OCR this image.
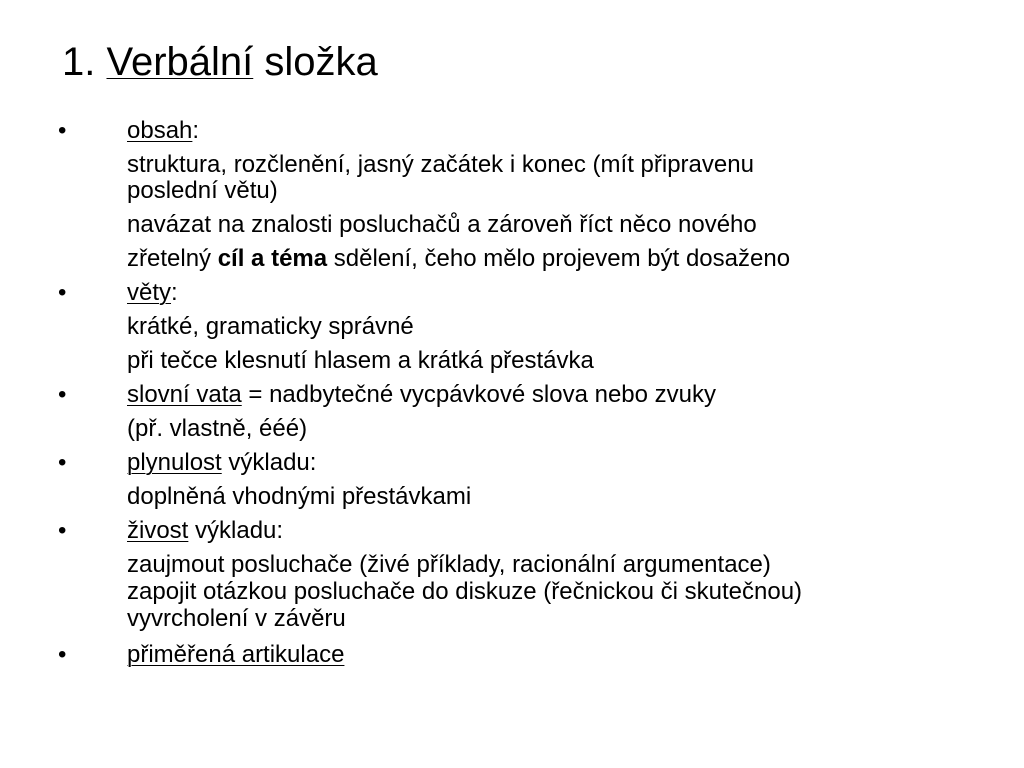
1. Verbální složka
•	obsah:
struktura, rozčlenění, jasný začátek i konec (mít připravenu
poslední větu)
navázat na znalosti posluchačů a zároveň říct něco nového
zřetelný cíl a téma sdělení, čeho mělo projevem být dosaženo
•	věty:
krátké, gramaticky správné
při tečce klesnutí hlasem a krátká přestávka
•	slovní vata = nadbytečné vycpávkové slova nebo zvuky
(př. vlastně, ééé)
•	plynulost výkladu:
doplněná vhodnými přestávkami
•	živost výkladu:
zaujmout posluchače (živé příklady, racionální argumentace)
zapojit otázkou posluchače do diskuze (řečnickou či skutečnou)
vyvrcholení v závěru
•	přiměřená artikulace
